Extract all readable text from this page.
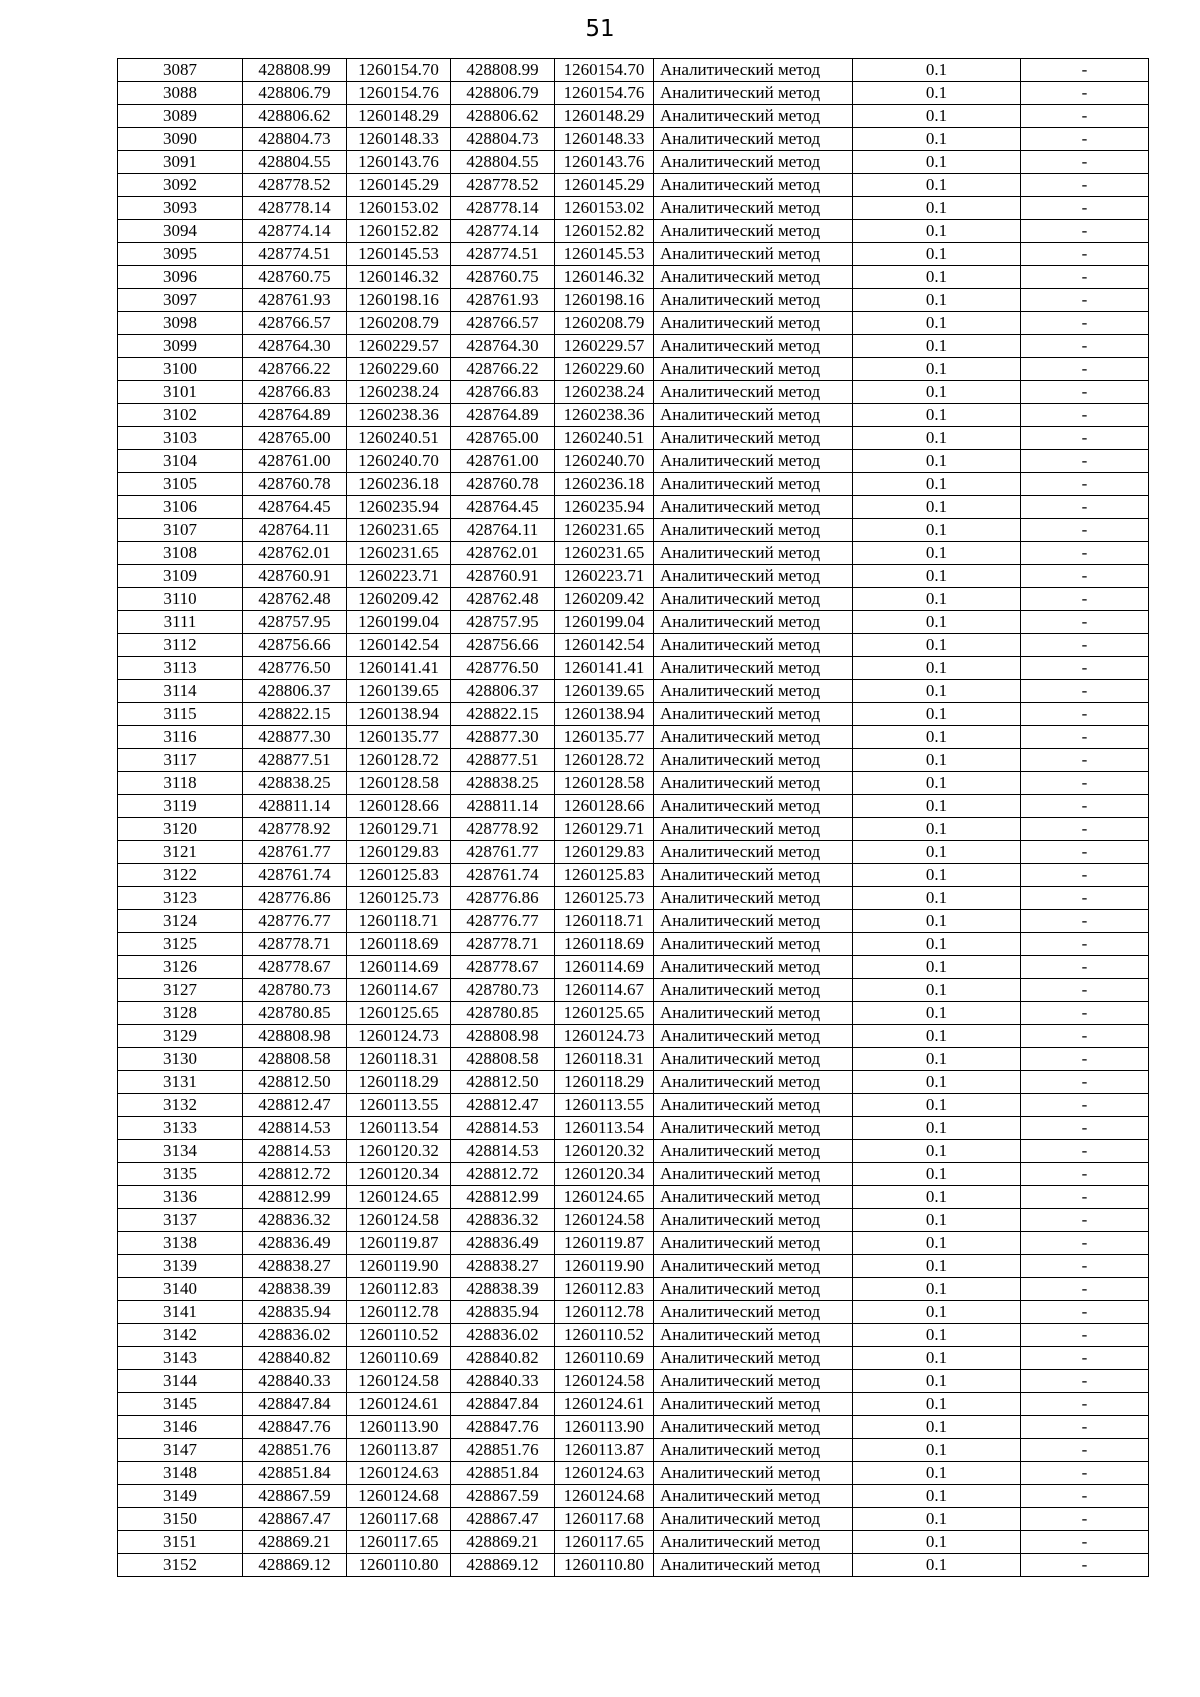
51
3087	428808.99	1260154.70	428808.99	1260154.70	Аналитический метод	0.1	-
3088	428806.79	1260154.76	428806.79	1260154.76	Аналитический метод	0.1	-
3089	428806.62	1260148.29	428806.62	1260148.29	Аналитический метод	0.1	-
3090	428804.73	1260148.33	428804.73	1260148.33	Аналитический метод	0.1	-
3091	428804.55	1260143.76	428804.55	1260143.76	Аналитический метод	0.1	-
3092	428778.52	1260145.29	428778.52	1260145.29	Аналитический метод	0.1	-
3093	428778.14	1260153.02	428778.14	1260153.02	Аналитический метод	0.1	-
3094	428774.14	1260152.82	428774.14	1260152.82	Аналитический метод	0.1	-
3095	428774.51	1260145.53	428774.51	1260145.53	Аналитический метод	0.1	-
3096	428760.75	1260146.32	428760.75	1260146.32	Аналитический метод	0.1	-
3097	428761.93	1260198.16	428761.93	1260198.16	Аналитический метод	0.1	-
3098	428766.57	1260208.79	428766.57	1260208.79	Аналитический метод	0.1	-
3099	428764.30	1260229.57	428764.30	1260229.57	Аналитический метод	0.1	-
3100	428766.22	1260229.60	428766.22	1260229.60	Аналитический метод	0.1	-
3101	428766.83	1260238.24	428766.83	1260238.24	Аналитический метод	0.1	-
3102	428764.89	1260238.36	428764.89	1260238.36	Аналитический метод	0.1	-
3103	428765.00	1260240.51	428765.00	1260240.51	Аналитический метод	0.1	-
3104	428761.00	1260240.70	428761.00	1260240.70	Аналитический метод	0.1	-
3105	428760.78	1260236.18	428760.78	1260236.18	Аналитический метод	0.1	-
3106	428764.45	1260235.94	428764.45	1260235.94	Аналитический метод	0.1	-
3107	428764.11	1260231.65	428764.11	1260231.65	Аналитический метод	0.1	-
3108	428762.01	1260231.65	428762.01	1260231.65	Аналитический метод	0.1	-
3109	428760.91	1260223.71	428760.91	1260223.71	Аналитический метод	0.1	-
3110	428762.48	1260209.42	428762.48	1260209.42	Аналитический метод	0.1	-
3111	428757.95	1260199.04	428757.95	1260199.04	Аналитический метод	0.1	-
3112	428756.66	1260142.54	428756.66	1260142.54	Аналитический метод	0.1	-
3113	428776.50	1260141.41	428776.50	1260141.41	Аналитический метод	0.1	-
3114	428806.37	1260139.65	428806.37	1260139.65	Аналитический метод	0.1	-
3115	428822.15	1260138.94	428822.15	1260138.94	Аналитический метод	0.1	-
3116	428877.30	1260135.77	428877.30	1260135.77	Аналитический метод	0.1	-
3117	428877.51	1260128.72	428877.51	1260128.72	Аналитический метод	0.1	-
3118	428838.25	1260128.58	428838.25	1260128.58	Аналитический метод	0.1	-
3119	428811.14	1260128.66	428811.14	1260128.66	Аналитический метод	0.1	-
3120	428778.92	1260129.71	428778.92	1260129.71	Аналитический метод	0.1	-
3121	428761.77	1260129.83	428761.77	1260129.83	Аналитический метод	0.1	-
3122	428761.74	1260125.83	428761.74	1260125.83	Аналитический метод	0.1	-
3123	428776.86	1260125.73	428776.86	1260125.73	Аналитический метод	0.1	-
3124	428776.77	1260118.71	428776.77	1260118.71	Аналитический метод	0.1	-
3125	428778.71	1260118.69	428778.71	1260118.69	Аналитический метод	0.1	-
3126	428778.67	1260114.69	428778.67	1260114.69	Аналитический метод	0.1	-
3127	428780.73	1260114.67	428780.73	1260114.67	Аналитический метод	0.1	-
3128	428780.85	1260125.65	428780.85	1260125.65	Аналитический метод	0.1	-
3129	428808.98	1260124.73	428808.98	1260124.73	Аналитический метод	0.1	-
3130	428808.58	1260118.31	428808.58	1260118.31	Аналитический метод	0.1	-
3131	428812.50	1260118.29	428812.50	1260118.29	Аналитический метод	0.1	-
3132	428812.47	1260113.55	428812.47	1260113.55	Аналитический метод	0.1	-
3133	428814.53	1260113.54	428814.53	1260113.54	Аналитический метод	0.1	-
3134	428814.53	1260120.32	428814.53	1260120.32	Аналитический метод	0.1	-
3135	428812.72	1260120.34	428812.72	1260120.34	Аналитический метод	0.1	-
3136	428812.99	1260124.65	428812.99	1260124.65	Аналитический метод	0.1	-
3137	428836.32	1260124.58	428836.32	1260124.58	Аналитический метод	0.1	-
3138	428836.49	1260119.87	428836.49	1260119.87	Аналитический метод	0.1	-
3139	428838.27	1260119.90	428838.27	1260119.90	Аналитический метод	0.1	-
3140	428838.39	1260112.83	428838.39	1260112.83	Аналитический метод	0.1	-
3141	428835.94	1260112.78	428835.94	1260112.78	Аналитический метод	0.1	-
3142	428836.02	1260110.52	428836.02	1260110.52	Аналитический метод	0.1	-
3143	428840.82	1260110.69	428840.82	1260110.69	Аналитический метод	0.1	-
3144	428840.33	1260124.58	428840.33	1260124.58	Аналитический метод	0.1	-
3145	428847.84	1260124.61	428847.84	1260124.61	Аналитический метод	0.1	-
3146	428847.76	1260113.90	428847.76	1260113.90	Аналитический метод	0.1	-
3147	428851.76	1260113.87	428851.76	1260113.87	Аналитический метод	0.1	-
3148	428851.84	1260124.63	428851.84	1260124.63	Аналитический метод	0.1	-
3149	428867.59	1260124.68	428867.59	1260124.68	Аналитический метод	0.1	-
3150	428867.47	1260117.68	428867.47	1260117.68	Аналитический метод	0.1	-
3151	428869.21	1260117.65	428869.21	1260117.65	Аналитический метод	0.1	-
3152	428869.12	1260110.80	428869.12	1260110.80	Аналитический метод	0.1	-
